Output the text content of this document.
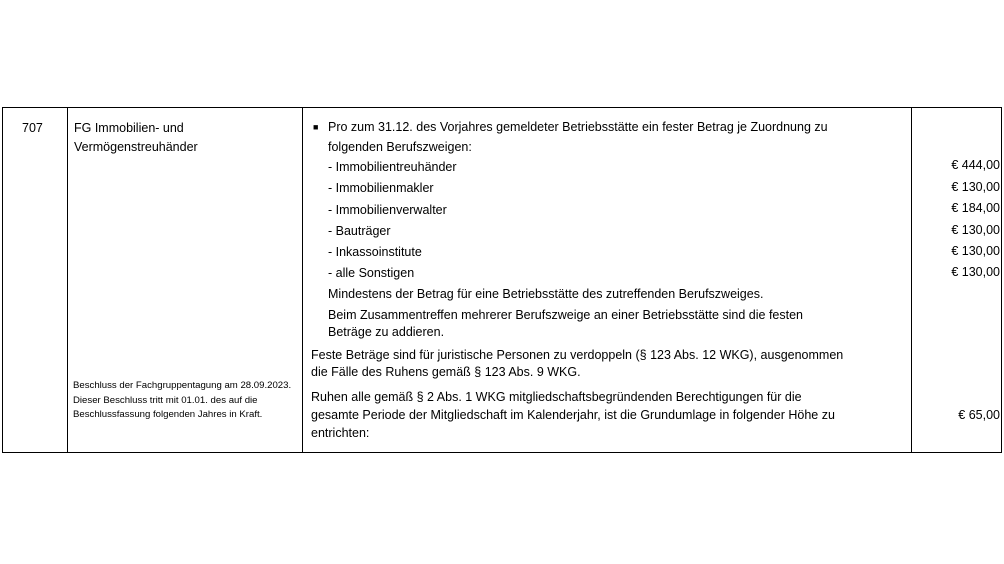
707 FG Immobilien- und Vermögenstreuhänder
Beschluss der Fachgruppentagung am 28.09.2023. Dieser Beschluss tritt mit 01.01. des auf die Beschlussfassung folgenden Jahres in Kraft.
■ Pro zum 31.12. des Vorjahres gemeldeter Betriebsstätte ein fester Betrag je Zuordnung zu
folgenden Berufszweigen:
- Immobilientreuhänder	€ 444,00
- Immobilienmakler	€ 130,00
- Immobilienverwalter	€ 184,00
- Bauträger	€ 130,00
- Inkassoinstitute	€ 130,00
- alle Sonstigen	€ 130,00
Mindestens der Betrag für eine Betriebsstätte des zutreffenden Berufszweiges.
Beim Zusammentreffen mehrerer Berufszweige an einer Betriebsstätte sind die festen
Beträge zu addieren.
Feste Beträge sind für juristische Personen zu verdoppeln (§ 123 Abs. 12 WKG), ausgenommen
die Fälle des Ruhens gemäß § 123 Abs. 9 WKG.
Ruhen alle gemäß § 2 Abs. 1 WKG mitgliedschaftsbegründenden Berechtigungen für die
gesamte Periode der Mitgliedschaft im Kalenderjahr, ist die Grundumlage in folgender Höhe zu
entrichten:
€ 65,00
